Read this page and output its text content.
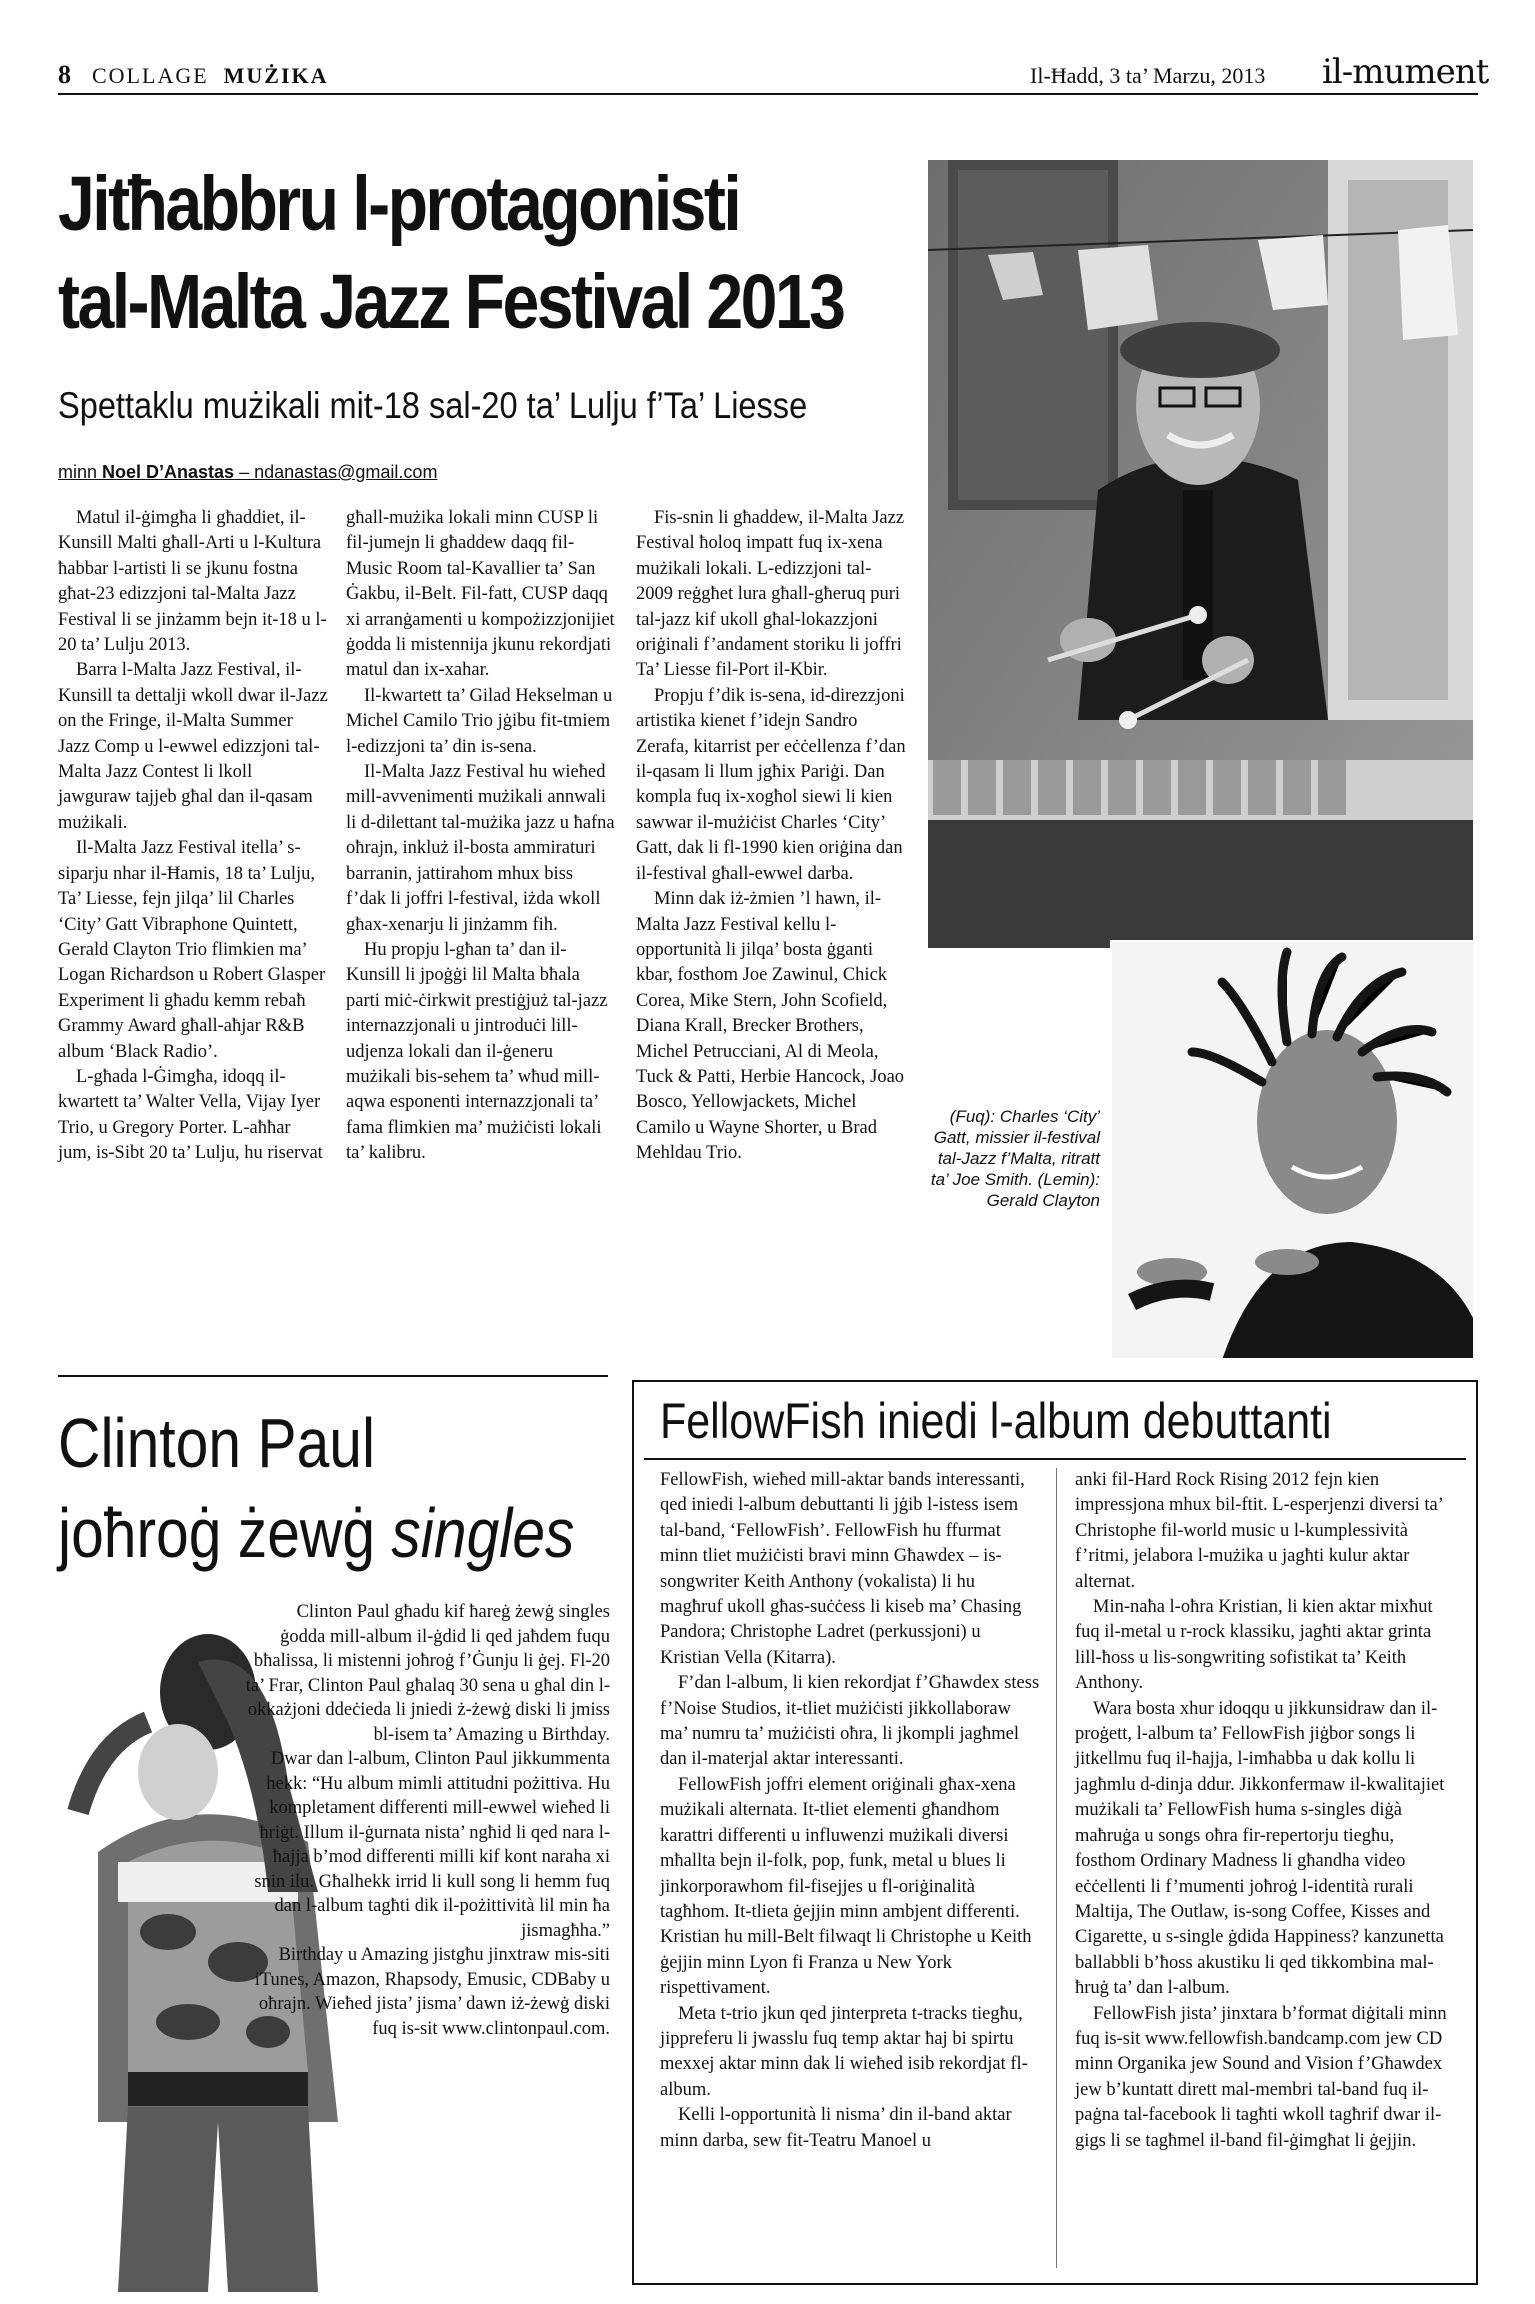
8 COLLAGE MUŻIKA	Il-Ħadd, 3 ta’ Marzu, 2013 il-mument
Jitħabbru l-protagonisti
tal-Malta Jazz Festival 2013
Spettaklu mużikali mit-18 sal-20 ta’ Lulju f’Ta’ Liesse
minn Noel D’Anastas – ndanastas@gmail.com

Matul il-ġimgħa li għaddiet, il-Kunsill Malti għall-Arti u l-Kultura ħabbar l-artisti li se jkunu fostna għat-23 edizzjoni tal-Malta Jazz Festival li se jinżamm bejn it-18 u l-20 ta’ Lulju 2013.

Barra l-Malta Jazz Festival, il-Kunsill ta dettalji wkoll dwar il-Jazz on the Fringe, il-Malta Summer Jazz Comp u l-ewwel edizzjoni tal-Malta Jazz Contest li lkoll jawguraw tajjeb għal dan il-qasam mużikali.

Il-Malta Jazz Festival itella’ s-siparju nhar il-Ħamis, 18 ta’ Lulju, Ta’ Liesse, fejn jilqa’ lil Charles ‘City’ Gatt Vibraphone Quintett, Gerald Clayton Trio flimkien ma’ Logan Richardson u Robert Glasper Experiment li għadu kemm rebaħ Grammy Award għall-aħjar R&B album ‘Black Radio’.

L-għada l-Ġimgħa, idoqq il-kwartett ta’ Walter Vella, Vijay Iyer Trio, u Gregory Porter. L-aħħar jum, is-Sibt 20 ta’ Lulju, hu riservat

għall-mużika lokali minn CUSP li fil-jumejn li għaddew daqq fil-Music Room tal-Kavallier ta’ San Ġakbu, il-Belt. Fil-fatt, CUSP daqq xi arranġamenti u kompożizzjonijiet ġodda li mistennija jkunu rekordjati matul dan ix-xahar.

Il-kwartett ta’ Gilad Hekselman u Michel Camilo Trio jġibu fit-tmiem l-edizzjoni ta’ din is-sena.

Il-Malta Jazz Festival hu wieħed mill-avvenimenti mużikali annwali li d-dilettant tal-mużika jazz u ħafna oħrajn, inkluż il-bosta ammiraturi barranin, jattirahom mhux biss f’dak li joffri l-festival, iżda wkoll għax-xenarju li jinżamm fih.

Hu propju l-għan ta’ dan il-Kunsill li jpoġġi lil Malta bħala parti miċ-ċirkwit prestiġjuż tal-jazz internazzjonali u jintroduċi lill-udjenza lokali dan il-ġeneru mużikali bis-sehem ta’ wħud mill-aqwa esponenti internazzjonali ta’ fama flimkien ma’ mużiċisti lokali ta’ kalibru.

Fis-snin li għaddew, il-Malta Jazz Festival ħoloq impatt fuq ix-xena mużikali lokali. L-edizzjoni tal-2009 reġgħet lura għall-għeruq puri tal-jazz kif ukoll għal-lokazzjoni oriġinali f’andament storiku li joffri Ta’ Liesse fil-Port il-Kbir.

Propju f’dik is-sena, id-direzzjoni artistika kienet f’idejn Sandro Zerafa, kitarrist per eċċellenza f’dan il-qasam li llum jgħix Pariġi. Dan kompla fuq ix-xogħol siewi li kien sawwar il-mużiċist Charles ‘City’ Gatt, dak li fl-1990 kien oriġina dan il-festival għall-ewwel darba.

Minn dak iż-żmien ’l hawn, il-Malta Jazz Festival kellu l-opportunità li jilqa’ bosta ġganti kbar, fosthom Joe Zawinul, Chick Corea, Mike Stern, John Scofield, Diana Krall, Brecker Brothers, Michel Petrucciani, Al di Meola, Tuck & Patti, Herbie Hancock, Joao Bosco, Yellowjackets, Michel Camilo u Wayne Shorter, u Brad Mehldau Trio.

(Fuq): Charles ‘City’ Gatt, missier il-festival tal-Jazz f’Malta, ritratt ta’ Joe Smith. (Lemin): Gerald Clayton
Clinton Paul
joħroġ żewġ singles

Clinton Paul għadu kif ħareġ żewġ singles ġodda mill-album il-ġdid li qed jaħdem fuqu bħalissa, li mistenni joħroġ f’Ġunju li ġej. Fl-20 ta’ Frar, Clinton Paul għalaq 30 sena u għal din l-okkażjoni ddeċieda li jniedi ż-żewġ diski li jmiss bl-isem ta’ Amazing u Birthday.

Dwar dan l-album, Clinton Paul jikkummenta hekk: “Hu album mimli attitudni pożittiva. Hu kompletament differenti mill-ewwel wieħed li ħriġt. Illum il-ġurnata nista’ ngħid li qed nara l-ħajja b’mod differenti milli kif kont naraha xi snin ilu. Għalhekk irrid li kull song li hemm fuq dan l-album tagħti dik il-pożittività lil min ħa jismagħha.”

Birthday u Amazing jistgħu jinxtraw mis-siti iTunes, Amazon, Rhapsody, Emusic, CDBaby u oħrajn. Wieħed jista’ jisma’ dawn iż-żewġ diski fuq is-sit www.clintonpaul.com.

FellowFish iniedi l-album debuttanti

FellowFish, wieħed mill-aktar bands interessanti, qed iniedi l-album debuttanti li jġib l-istess isem tal-band, ‘FellowFish’. FellowFish hu ffurmat minn tliet mużiċisti bravi minn Għawdex – is-songwriter Keith Anthony (vokalista) li hu magħruf ukoll għas-suċċess li kiseb ma’ Chasing Pandora; Christophe Ladret (perkussjoni) u Kristian Vella (Kitarra).

F’dan l-album, li kien rekordjat f’Għawdex stess f’Noise Studios, it-tliet mużiċisti jikkollaboraw ma’ numru ta’ mużiċisti oħra, li jkompli jagħmel dan il-materjal aktar interessanti.

FellowFish joffri element oriġinali għax-xena mużikali alternata. It-tliet elementi għandhom karattri differenti u influwenzi mużikali diversi mħallta bejn il-folk, pop, funk, metal u blues li jinkorporawhom fil-fisejjes u fl-oriġinalità tagħhom. It-tlieta ġejjin minn ambjent differenti. Kristian hu mill-Belt filwaqt li Christophe u Keith ġejjin minn Lyon fi Franza u New York rispettivament.

Meta t-trio jkun qed jinterpreta t-tracks tiegħu, jippreferu li jwasslu fuq temp aktar ħaj bi spirtu mexxej aktar minn dak li wieħed isib rekordjat fl-album.

Kelli l-opportunità li nisma’ din il-band aktar minn darba, sew fit-Teatru Manoel u

anki fil-Hard Rock Rising 2012 fejn kien impressjona mhux bil-ftit. L-esperjenzi diversi ta’ Christophe fil-world music u l-kumplessività f’ritmi, jelabora l-mużika u jagħti kulur aktar alternat.

Min-naħa l-oħra Kristian, li kien aktar mixħut fuq il-metal u r-rock klassiku, jagħti aktar grinta lill-ħoss u lis-songwriting sofistikat ta’ Keith Anthony.

Wara bosta xhur idoqqu u jikkunsidraw dan il-proġett, l-album ta’ FellowFish jiġbor songs li jitkellmu fuq il-ħajja, l-imħabba u dak kollu li jagħmlu d-dinja ddur. Jikkonfermaw il-kwalitajiet mużikali ta’ FellowFish huma s-singles diġà maħruġa u songs oħra fir-repertorju tiegħu, fosthom Ordinary Madness li għandha video eċċellenti li f’mumenti joħroġ l-identità rurali Maltija, The Outlaw, is-song Coffee, Kisses and Cigarette, u s-single ġdida Happiness? kanzunetta ballabbli b’ħoss akustiku li qed tikkombina mal-ħruġ ta’ dan l-album.

FellowFish jista’ jinxtara b’format diġitali minn fuq is-sit www.fellowfish.bandcamp.com jew CD minn Organika jew Sound and Vision f’Għawdex jew b’kuntatt dirett mal-membri tal-band fuq il-paġna tal-facebook li tagħti wkoll tagħrif dwar il-gigs li se tagħmel il-band fil-ġimgħat li ġejjin.
